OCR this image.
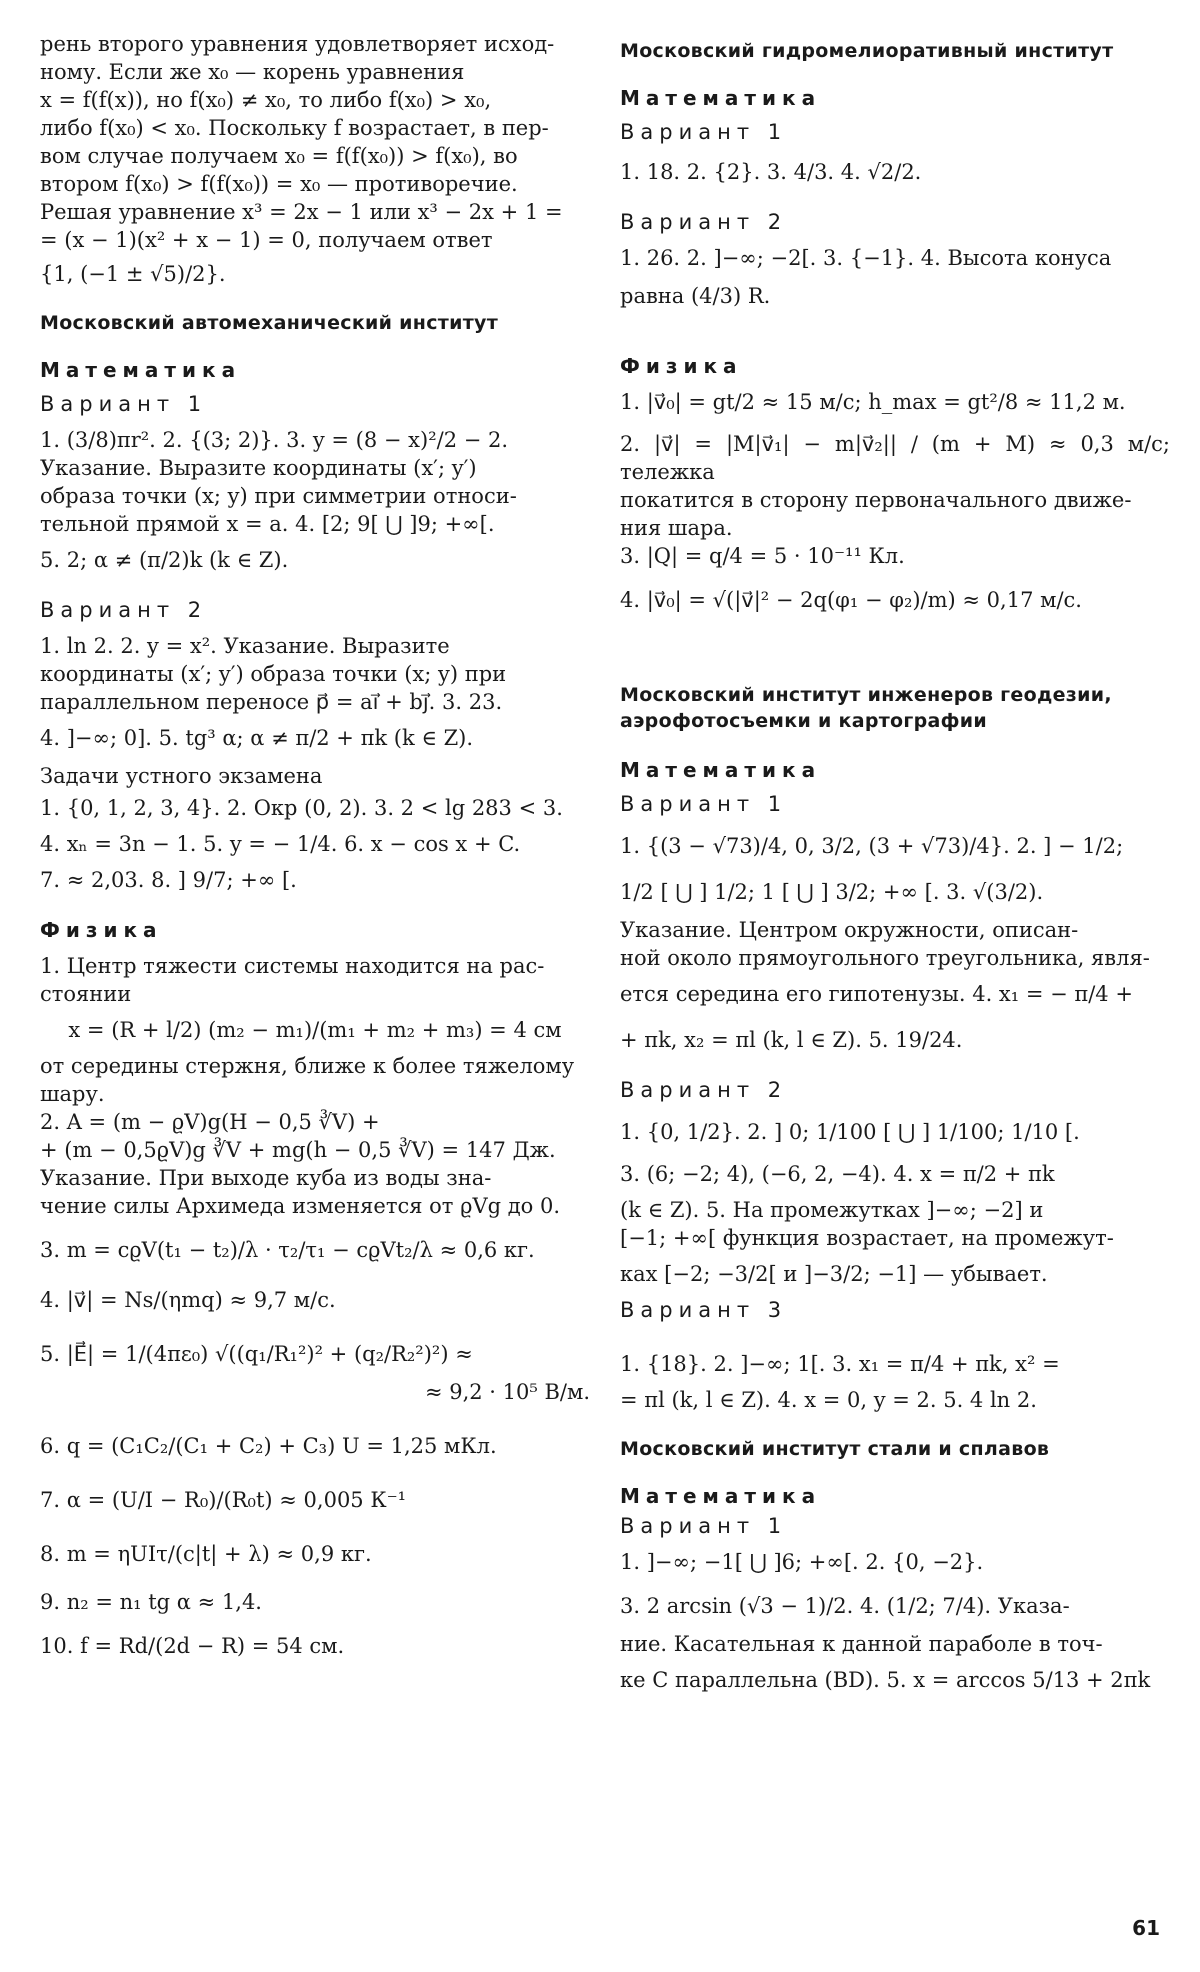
рень второго уравнения удовлетворяет исход-

ному. Если же x₀ — корень уравнения

x = f(f(x)), но f(x₀) ≠ x₀, то либо f(x₀) > x₀,

либо f(x₀) < x₀. Поскольку f возрастает, в пер-

вом случае получаем x₀ = f(f(x₀)) > f(x₀), во

втором f(x₀) > f(f(x₀)) = x₀ — противоречие.

Решая уравнение x³ = 2x − 1 или x³ − 2x + 1 =

= (x − 1)(x² + x − 1) = 0, получаем ответ

{1, (−1 ± √5)/2}.

Московский автомеханический институт

Математика

Вариант 1

1. (3/8)πr². 2. {(3; 2)}. 3. y = (8 − x)²/2 − 2.

Указание. Выразите координаты (x′; y′)

образа точки (x; y) при симметрии относи-

тельной прямой x = a. 4. [2; 9[ ⋃ ]9; +∞[.

5. 2; α ≠ (π/2)k (k ∈ Z).

Вариант 2

1. ln 2. 2. y = x². Указание. Выразите

координаты (x′; y′) образа точки (x; y) при

параллельном переносе p⃗ = ai⃗ + bj⃗. 3. 23.

4. ]−∞; 0]. 5. tg³ α; α ≠ π/2 + πk (k ∈ Z).

Задачи устного экзамена

1. {0, 1, 2, 3, 4}. 2. Окр (0, 2). 3. 2 < lg 283 < 3.

4. xₙ = 3n − 1. 5. y = − 1/4. 6. x − cos x + C.

7. ≈ 2,03. 8. ] 9/7; +∞ [.

Физика

1. Центр тяжести системы находится на рас-

стоянии

x = (R + l/2) (m₂ − m₁)/(m₁ + m₂ + m₃) = 4 см

от середины стержня, ближе к более тяжелому

шару.

2. A = (m − ϱV)g(H − 0,5 ∛V) +

+ (m − 0,5ϱV)g ∛V + mg(h − 0,5 ∛V) = 147 Дж.

Указание. При выходе куба из воды зна-

чение силы Архимеда изменяется от ϱVg до 0.

3. m = cϱV(t₁ − t₂)/λ · τ₂/τ₁ − cϱVt₂/λ ≈ 0,6 кг.

4. |v⃗| = Ns/(ηmq) ≈ 9,7 м/с.

5. |E⃗| = 1/(4πε₀) √((q₁/R₁²)² + (q₂/R₂²)²) ≈

≈ 9,2 · 10⁵ В/м.

6. q = (C₁C₂/(C₁ + C₂) + C₃) U = 1,25 мКл.

7. α = (U/I − R₀)/(R₀t) ≈ 0,005 К⁻¹

8. m = ηUIτ/(c|t| + λ) ≈ 0,9 кг.

9. n₂ = n₁ tg α ≈ 1,4.

10. f = Rd/(2d − R) = 54 см.

Московский гидромелиоративный институт

Математика

Вариант 1

1. 18. 2. {2}. 3. 4/3. 4. √2/2.

Вариант 2

1. 26. 2. ]−∞; −2[. 3. {−1}. 4. Высота конуса

равна (4/3) R.

Физика

1. |v⃗₀| = gt/2 ≈ 15 м/с; h_max = gt²/8 ≈ 11,2 м.

2. |v⃗| = |M|v⃗₁| − m|v⃗₂|| / (m + M) ≈ 0,3 м/с; тележка

покатится в сторону первоначального движе-

ния шара.

3. |Q| = q/4 = 5 · 10⁻¹¹ Кл.

4. |v⃗₀| = √(|v⃗|² − 2q(φ₁ − φ₂)/m) ≈ 0,17 м/с.

Московский институт инженеров геодезии, аэрофотосъемки и картографии

Математика

Вариант 1

1. {(3 − √73)/4, 0, 3/2, (3 + √73)/4}. 2. ] − 1/2;

1/2 [ ⋃ ] 1/2; 1 [ ⋃ ] 3/2; +∞ [. 3. √(3/2).

Указание. Центром окружности, описан-

ной около прямоугольного треугольника, явля-

ется середина его гипотенузы. 4. x₁ = − π/4 +

+ πk, x₂ = πl (k, l ∈ Z). 5. 19/24.

Вариант 2

1. {0, 1/2}. 2. ] 0; 1/100 [ ⋃ ] 1/100; 1/10 [.

3. (6; −2; 4), (−6, 2, −4). 4. x = π/2 + πk

(k ∈ Z). 5. На промежутках ]−∞; −2] и

[−1; +∞[ функция возрастает, на промежут-

ках [−2; −3/2[ и ]−3/2; −1] — убывает.

Вариант 3

1. {18}. 2. ]−∞; 1[. 3. x₁ = π/4 + πk, x² =

= πl (k, l ∈ Z). 4. x = 0, y = 2. 5. 4 ln 2.

Московский институт стали и сплавов

Математика

Вариант 1

1. ]−∞; −1[ ⋃ ]6; +∞[. 2. {0, −2}.

3. 2 arcsin (√3 − 1)/2. 4. (1/2; 7/4). Указа-

ние. Касательная к данной параболе в точ-

ке C параллельна (BD). 5. x = arccos 5/13 + 2πk

61
